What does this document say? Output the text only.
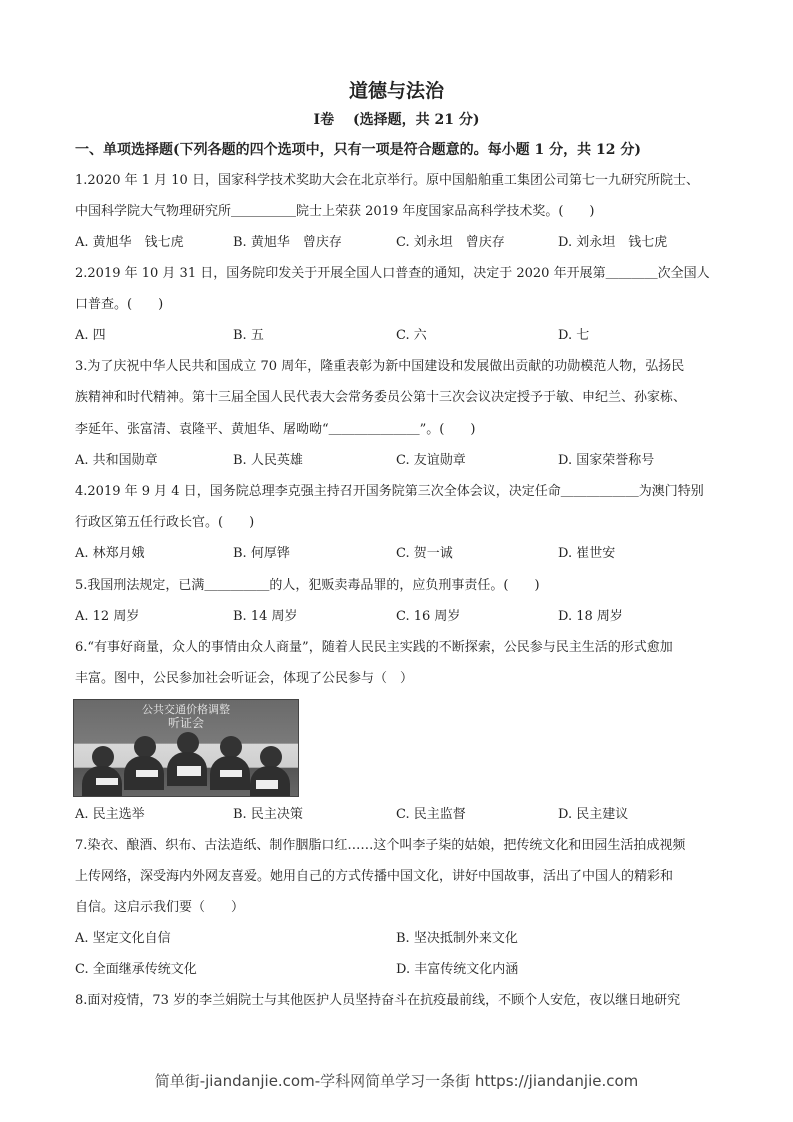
道德与法治
Ⅰ卷　 (选择题，共 21 分)
一、单项选择题(下列各题的四个选项中，只有一项是符合题意的。每小题 1 分，共 12 分)
1.2020 年 1 月 10 日，国家科学技术奖助大会在北京举行。原中国船舶重工集团公司第七一九研究所院士、
中国科学院大气物理研究所＿＿＿＿＿院士上荣获 2019 年度国家品高科学技术奖。(　　)
A. 黄旭华　钱七虎	B. 黄旭华　曾庆存	C. 刘永坦　曾庆存	D. 刘永坦　钱七虎
2.2019 年 10 月 31 日，国务院印发关于开展全国人口普查的通知，决定于 2020 年开展第＿＿＿＿次全国人
口普查。(　　)
A. 四	B. 五	C. 六	D. 七
3.为了庆祝中华人民共和国成立 70 周年，隆重表彰为新中国建设和发展做出贡献的功勋模范人物，弘扬民
族精神和时代精神。第十三届全国人民代表大会常务委员公第十三次会议决定授予于敏、申纪兰、孙家栋、
李延年、张富清、袁隆平、黄旭华、屠呦呦“＿＿＿＿＿＿＿”。(　　)
A. 共和国勋章	B. 人民英雄	C. 友谊勋章	D. 国家荣誉称号
4.2019 年 9 月 4 日，国务院总理李克强主持召开国务院第三次全体会议，决定任命＿＿＿＿＿＿为澳门特别
行政区第五任行政长官。(　　)
A. 林郑月娥	B. 何厚铧	C. 贺一诚	D. 崔世安
5.我国刑法规定，已满＿＿＿＿＿的人，犯贩卖毒品罪的，应负刑事责任。(　　)
A. 12 周岁	B. 14 周岁	C. 16 周岁	D. 18 周岁
6.“有事好商量，众人的事情由众人商量”，随着人民民主实践的不断探索，公民参与民主生活的形式愈加
丰富。图中，公民参加社会听证会，体现了公民参与（　）
公共交通价格调整
听证会
A. 民主选举	B. 民主决策	C. 民主监督	D. 民主建议
7.染衣、酿酒、织布、古法造纸、制作胭脂口红……这个叫李子柒的姑娘，把传统文化和田园生活拍成视频
上传网络，深受海内外网友喜爱。她用自己的方式传播中国文化，讲好中国故事，活出了中国人的精彩和
自信。这启示我们要（　　）
A. 坚定文化自信	B. 坚决抵制外来文化
C. 全面继承传统文化	D. 丰富传统文化内涵
8.面对疫情，73 岁的李兰娟院士与其他医护人员坚持奋斗在抗疫最前线，不顾个人安危，夜以继日地研究
简单街-jiandanjie.com-学科网简单学习一条街 https://jiandanjie.com
